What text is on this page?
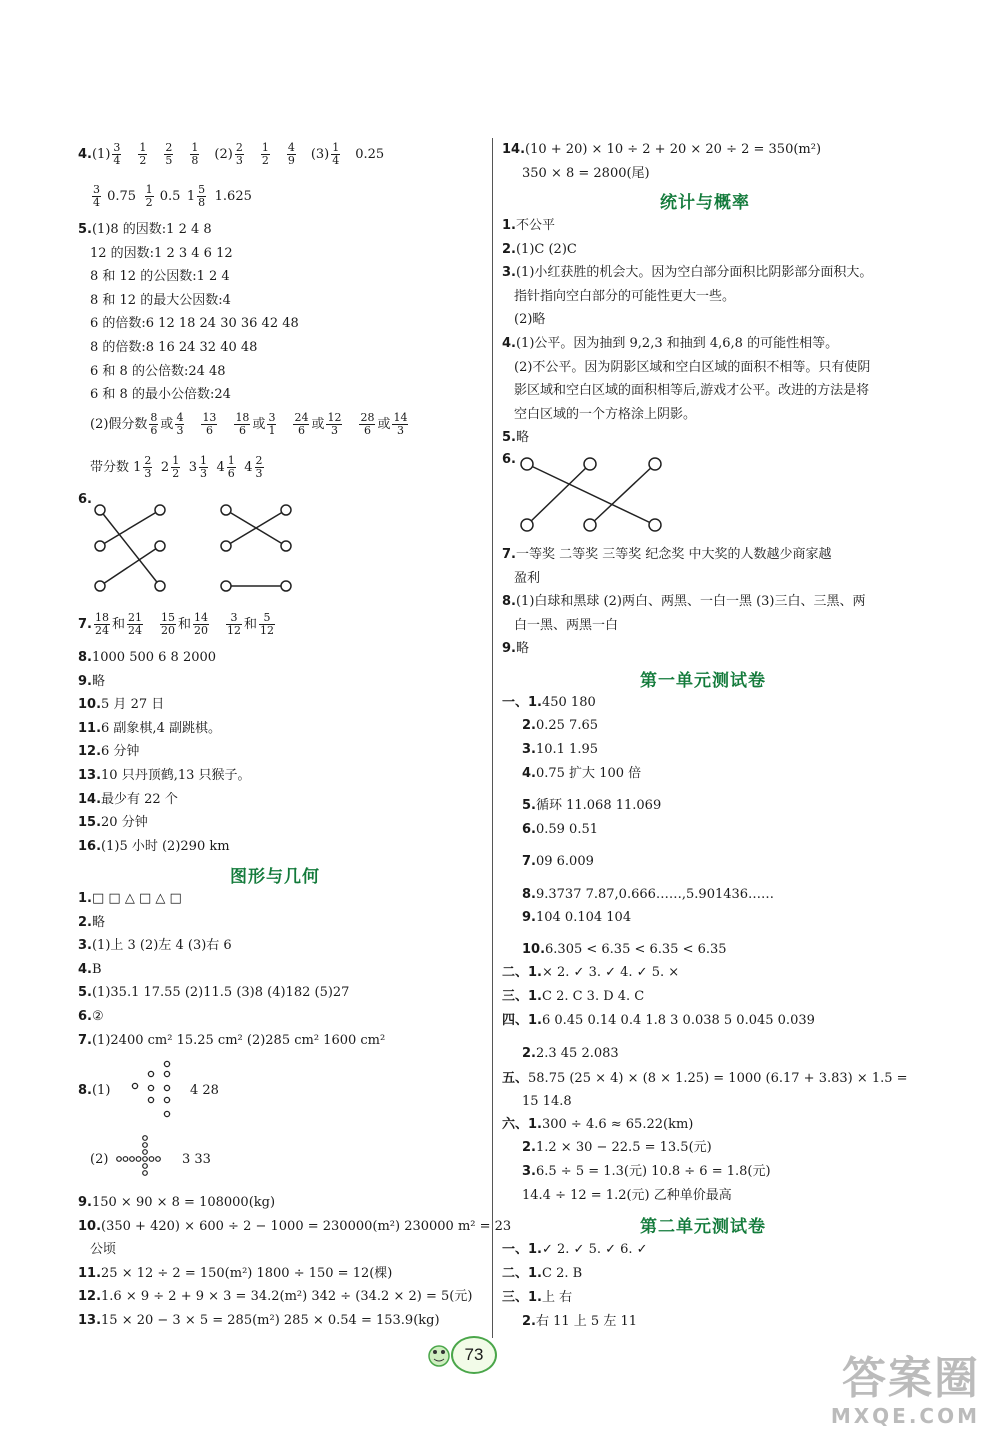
73	答案圈
MXQE.COM
$4.(1) \frac{3}{4}$
   $\frac{1}{2}$
   $\frac{2}{5}$
   $\frac{1}{8}$
   $(2) \frac{2}{3}$
   $\frac{1}{2}$
   $\frac{4}{9}$
   $(3) \frac{1}{4}$   0.25
$\frac{3}{4} 0.75$  $\frac{1}{2} 0.5$ $1 \frac{5}{8}$  1.625
5.(1)8 的因数:1 2 4 8
12 的因数:1 2 3 4 6 12
8 和 12 的公因数:1 2 4
8 和 12 的最大公因数:4
6 的倍数:6 12 18 24 30 36 42 48
8 的倍数:8 16 24 32 40 48
6 和 8 的公倍数:24 48
6 和 8 的最小公倍数:24
(2)假分数 $\frac{8}{6}$ 或 $\frac{4}{3}$
   $\frac{13}{6}$
   $\frac{18}{6}$ 或 $\frac{3}{1}$
   $\frac{24}{6}$ 或 $\frac{12}{3}$
   $\frac{28}{6}$ 或 $\frac{14}{3}$

带分数 $1 \frac{2}{3}$
  $2 \frac{1}{2}$
  $3 \frac{1}{3}$
  $4 \frac{1}{6}$
  $4 \frac{2}{3}$

6.
7. $\frac{18}{24}$ 和 $\frac{21}{24}$
   $\frac{15}{20}$ 和 $\frac{14}{20}$
   $\frac{3}{12}$ 和 $\frac{5}{12}$

8.1000 500 6 8 2000
9.略
10.5 月 27 日
11.6 副象棋,4 副跳棋。
12.6 分钟
13.10 只丹顶鹤,13 只猴子。
14.最少有 22 个
15.20 分钟
16.(1)5 小时 (2)290 km
图形与几何
1.□ □ △ □ △ □
2.略
3.(1)上 3 (2)左 4 (3)右 6
4.B
5.(1)35.1 17.55 (2)11.5 (3)8 (4)182 (5)27
6.②
7.(1)2400 cm² 15.25 cm² (2)285 cm² 1600 cm²
8.(1)	4 28
(2)	3 33
9.150 × 90 × 8 = 108000(kg)
10.(350 + 420) × 600 ÷ 2 − 1000 = 230000(m²) 230000 m² = 23
公顷
11.25 × 12 ÷ 2 = 150(m²) 1800 ÷ 150 = 12(棵)
12.1.6 × 9 ÷ 2 + 9 × 3 = 34.2(m²) 342 ÷ (34.2 × 2) = 5(元)
13.15 × 20 − 3 × 5 = 285(m²) 285 × 0.54 = 153.9(kg)
14.(10 + 20) × 10 ÷ 2 + 20 × 20 ÷ 2 = 350(m²)
350 × 8 = 2800(尾)
统计与概率
1.不公平
2.(1)C (2)C
3.(1)小红获胜的机会大。因为空白部分面积比阴影部分面积大。
指针指向空白部分的可能性更大一些。
(2)略
4.(1)公平。因为抽到 9,2,3 和抽到 4,6,8 的可能性相等。
(2)不公平。因为阴影区域和空白区域的面积不相等。只有使阴
影区域和空白区域的面积相等后,游戏才公平。改进的方法是将
空白区域的一个方格涂上阴影。
5.略
6.
7.一等奖 二等奖 三等奖 纪念奖 中大奖的人数越少商家越
盈利
8.(1)白球和黑球 (2)两白、两黑、一白一黑 (3)三白、三黑、两
白一黑、两黑一白
9.略
第一单元测试卷
一、1.450 180
2.0.25 7.65
3.10.1 1.95
4.0.75 扩大 100 倍
5.循环 11.068 11.069
6.0.59 0.51
7.09 6.009
8.9.3737 7.87,0.666……,5.901436……
9.104 0.104 104
10.6.305 < 6.35 < 6.35 < 6.35
二、1.× 2. ✓ 3. ✓ 4. ✓ 5. ×
三、1.C 2. C 3. D 4. C
四、1.6 0.45 0.14 0.4 1.8 3 0.038 5 0.045 0.039
2.2.3 45 2.083
五、58.75 (25 × 4) × (8 × 1.25) = 1000 (6.17 + 3.83) × 1.5 =
15 14.8
六、1.300 ÷ 4.6 ≈ 65.22(km)
2.1.2 × 30 − 22.5 = 13.5(元)
3.6.5 ÷ 5 = 1.3(元) 10.8 ÷ 6 = 1.8(元)
14.4 ÷ 12 = 1.2(元) 乙种单价最高
第二单元测试卷
一、1.✓ 2. ✓ 5. ✓ 6. ✓
二、1.C 2. B
三、1.上 右
2.右 11 上 5 左 11
